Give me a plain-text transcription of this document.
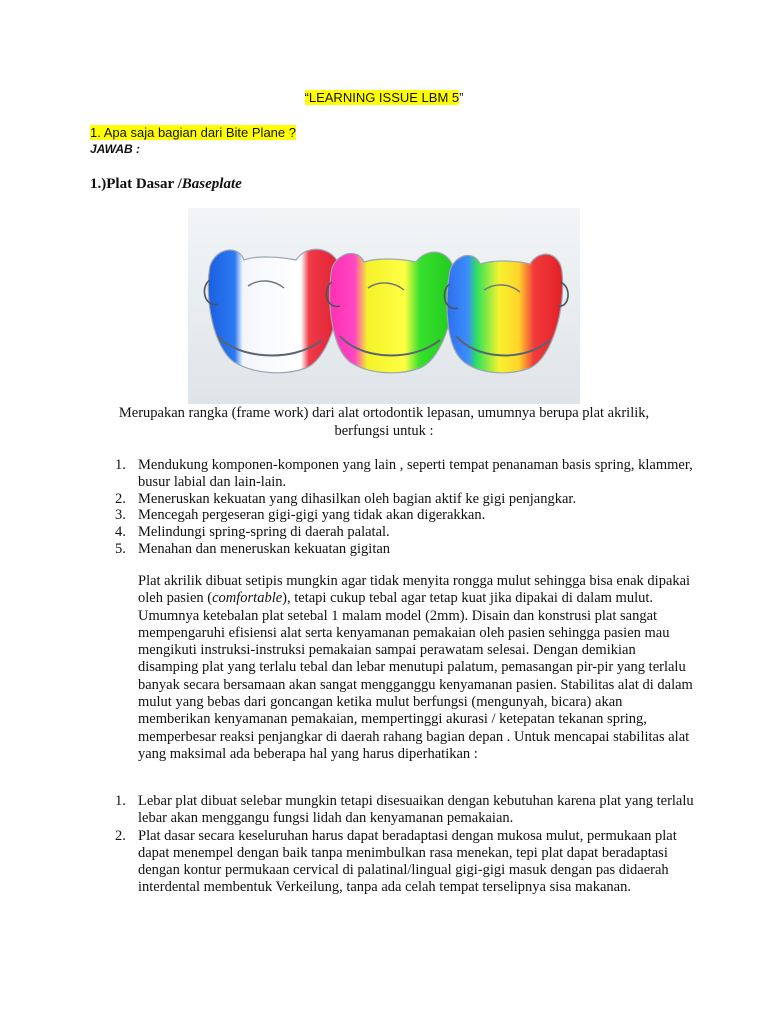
“LEARNING ISSUE LBM 5”
1. Apa saja bagian dari Bite Plane ?
JAWAB :
1.)Plat Dasar /Baseplate
Merupakan rangka (frame work) dari alat ortodontik lepasan, umumnya berupa plat akrilik,
berfungsi untuk :
1. Mendukung komponen-komponen yang lain , seperti tempat penanaman basis spring, klammer, busur labial dan lain-lain.
2. Meneruskan kekuatan yang dihasilkan oleh bagian aktif ke gigi penjangkar.
3. Mencegah pergeseran gigi-gigi yang tidak akan digerakkan.
4. Melindungi spring-spring di daerah palatal.
5. Menahan dan meneruskan kekuatan gigitan
Plat akrilik dibuat setipis mungkin agar tidak menyita rongga mulut sehingga bisa enak dipakai oleh pasien (comfortable), tetapi cukup tebal agar tetap kuat jika dipakai di dalam mulut. Umumnya ketebalan plat setebal 1 malam model (2mm). Disain dan konstrusi plat sangat mempengaruhi efisiensi alat serta kenyamanan pemakaian oleh pasien sehingga pasien mau mengikuti instruksi-instruksi pemakaian sampai perawatam selesai. Dengan demikian disamping plat yang terlalu tebal dan lebar menutupi palatum, pemasangan pir-pir yang terlalu banyak secara bersamaan akan sangat mengganggu kenyamanan pasien. Stabilitas alat di dalam mulut yang bebas dari goncangan ketika mulut berfungsi (mengunyah, bicara) akan memberikan kenyamanan pemakaian, mempertinggi akurasi / ketepatan tekanan spring, memperbesar reaksi penjangkar di daerah rahang bagian depan . Untuk mencapai stabilitas alat yang maksimal ada beberapa hal yang harus diperhatikan :
1. Lebar plat dibuat selebar mungkin tetapi disesuaikan dengan kebutuhan karena plat yang terlalu lebar akan menggangu fungsi lidah dan kenyamanan pemakaian.
2. Plat dasar secara keseluruhan harus dapat beradaptasi dengan mukosa mulut, permukaan plat dapat menempel dengan baik tanpa menimbulkan rasa menekan, tepi plat dapat beradaptasi dengan kontur permukaan cervical di palatinal/lingual gigi-gigi masuk dengan pas didaerah interdental membentuk Verkeilung, tanpa ada celah tempat terselipnya sisa makanan.
